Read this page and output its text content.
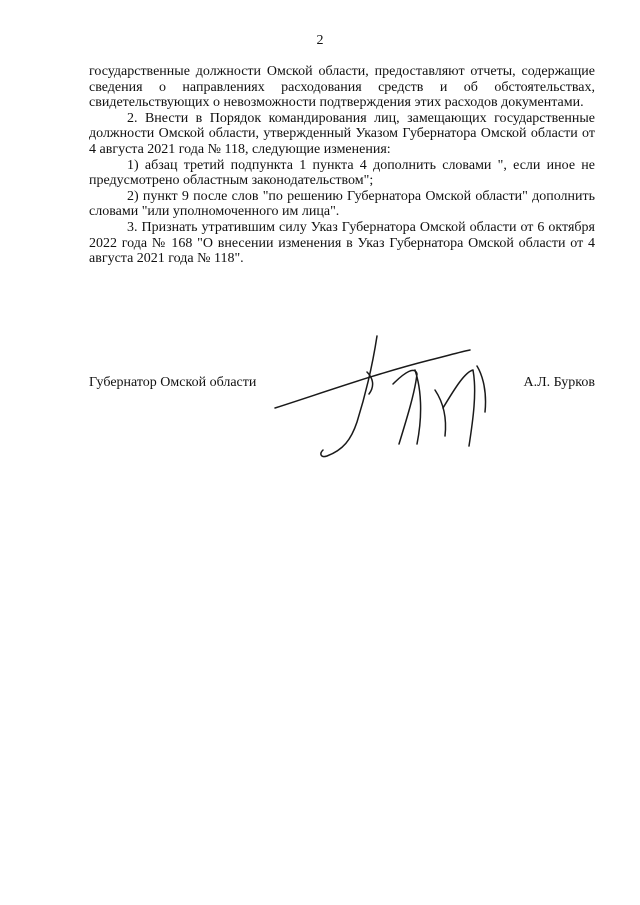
2

государственные должности Омской области, предоставляют отчеты, содержащие сведения о направлениях расходования средств и об обстоятельствах, свидетельствующих о невозможности подтверждения этих расходов документами.

2. Внести в Порядок командирования лиц, замещающих государственные должности Омской области, утвержденный Указом Губернатора Омской области от 4 августа 2021 года № 118, следующие изменения:

1) абзац третий подпункта 1 пункта 4 дополнить словами ", если иное не предусмотрено областным законодательством";

2) пункт 9 после слов "по решению Губернатора Омской области" дополнить словами "или уполномоченного им лица".

3. Признать утратившим силу Указ Губернатора Омской области от 6 октября 2022 года № 168 "О внесении изменения в Указ Губернатора Омской области от 4 августа 2021 года № 118".

Губернатор Омской области	А.Л. Бурков
